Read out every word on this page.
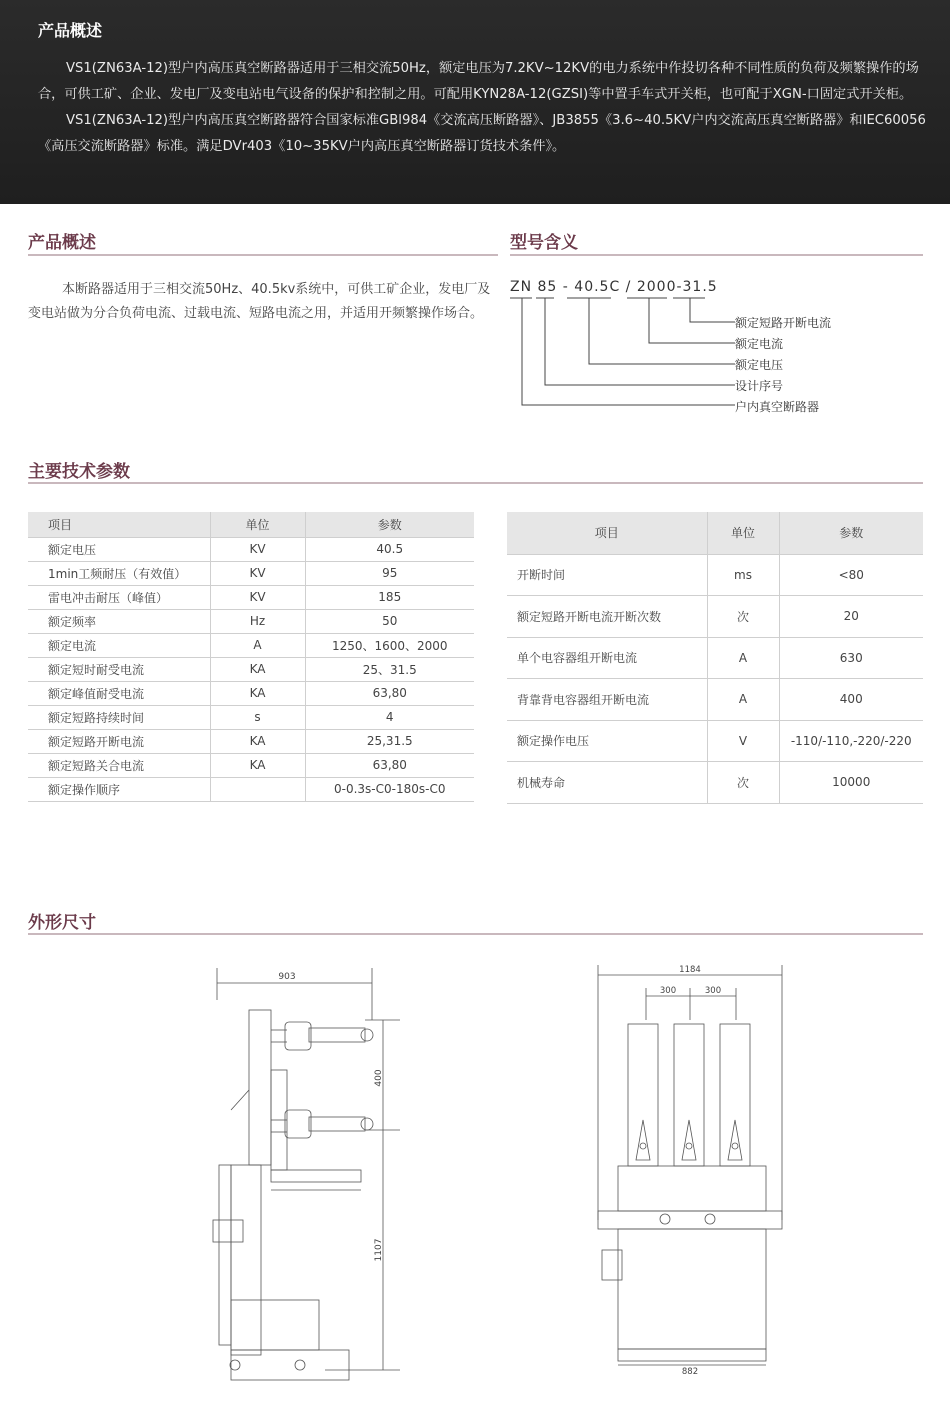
产品概述

VS1(ZN63A-12)型户内高压真空断路器适用于三相交流50Hz，额定电压为7.2KV~12KV的电力系统中作投切各种不同性质的负荷及频繁操作的场合，可供工矿、企业、发电厂及变电站电气设备的保护和控制之用。可配用KYN28A-12(GZSI)等中置手车式开关柜，也可配于XGN-口固定式开关柜。

VS1(ZN63A-12)型户内高压真空断路器符合国家标准GBl984《交流高压断路器》、JB3855《3.6~40.5KV户内交流高压真空断路器》和IEC60056《高压交流断路器》标准。满足DVr403《10~35KV户内高压真空断路器订货技术条件》。

产品概述

本断路器适用于三相交流50Hz、40.5kv系统中，可供工矿企业，发电厂及变电站做为分合负荷电流、过载电流、短路电流之用，并适用开频繁操作场合。

型号含义
ZN 85 - 40.5C / 2000-31.5
额定短路开断电流
额定电流
额定电压
设计序号
户内真空断路器
主要技术参数
项目	单位	参数
额定电压	KV	40.5
1min工频耐压（有效值）	KV	95
雷电冲击耐压（峰值）	KV	185
额定频率	Hz	50
额定电流	A	1250、1600、2000
额定短时耐受电流	KA	25、31.5
额定峰值耐受电流	KA	63,80
额定短路持续时间	s	4
额定短路开断电流	KA	25,31.5
额定短路关合电流	KA	63,80
额定操作顺序		0-0.3s-C0-180s-C0
项目	单位	参数
开断时间	ms	<80
额定短路开断电流开断次数	次	20
单个电容器组开断电流	A	630
背靠背电容器组开断电流	A	400
额定操作电压	V	-110/-110,-220/-220
机械寿命	次	10000
外形尺寸
903
400
1107
1184
300	300
882
